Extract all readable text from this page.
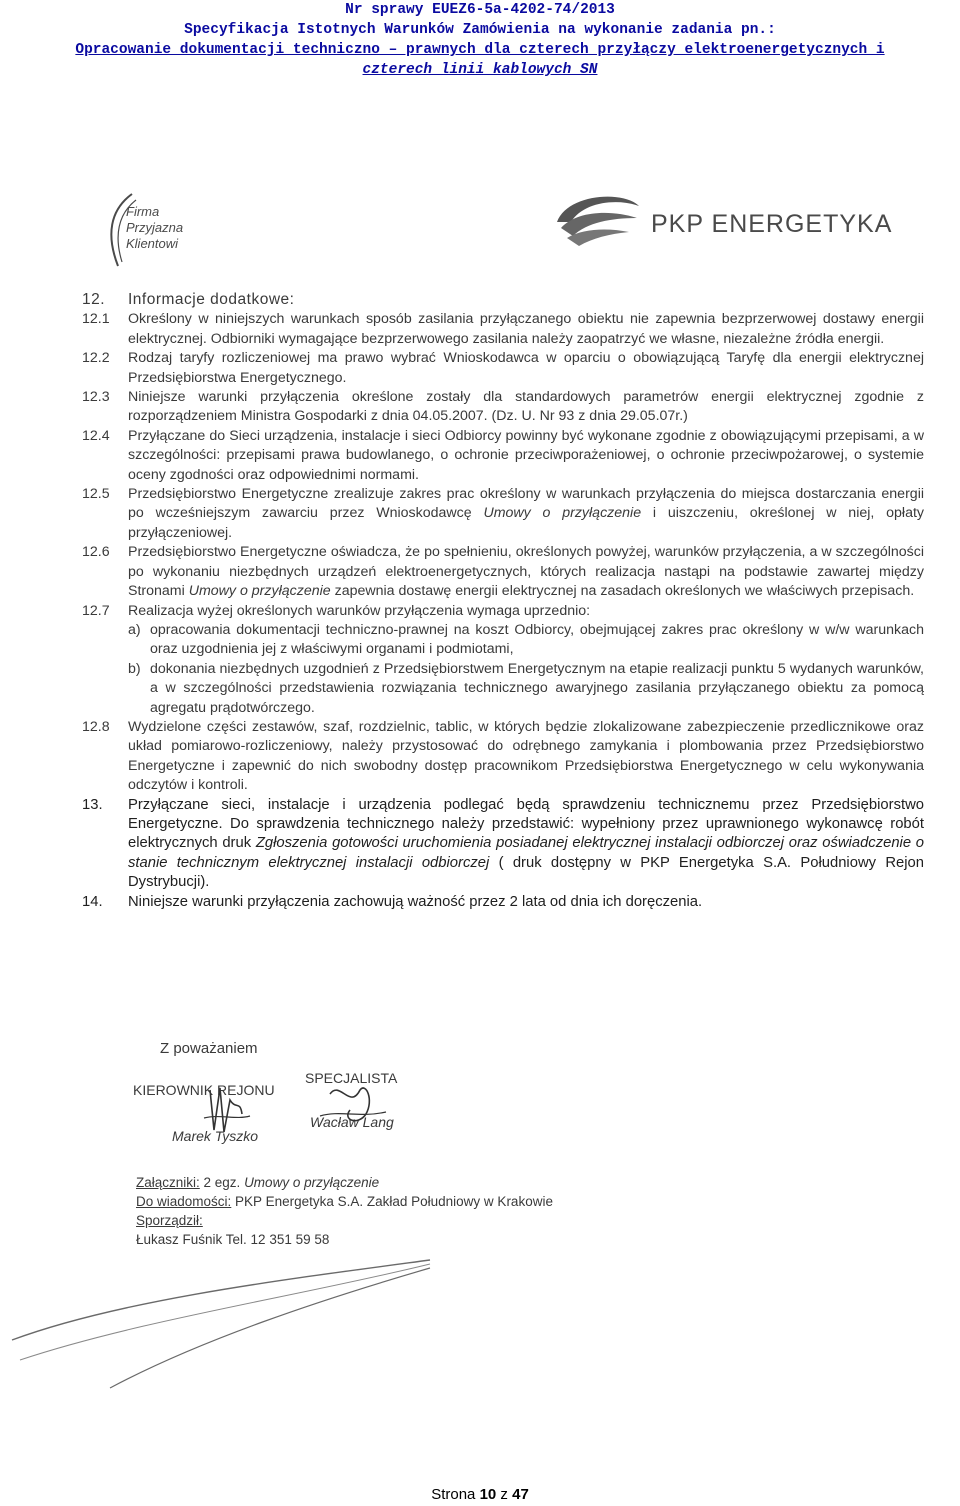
Nr sprawy EUEZ6-5a-4202-74/2013
Specyfikacja Istotnych Warunków Zamówienia na wykonanie zadania pn.:
Opracowanie dokumentacji techniczno – prawnych dla czterech przyłączy elektroenergetycznych i
czterech linii kablowych SN
Firma
Przyjazna
Klientowi
PKP ENERGETYKA
12.	Informacje dodatkowe:
12.1	Określony w niniejszych warunkach sposób zasilania przyłączanego obiektu nie zapewnia bezprzerwowej dostawy energii elektrycznej. Odbiorniki wymagające bezprzerwowego zasilania należy zaopatrzyć we własne, niezależne źródła energii.
12.2	Rodzaj taryfy rozliczeniowej ma prawo wybrać Wnioskodawca w oparciu o obowiązującą Taryfę dla energii elektrycznej Przedsiębiorstwa Energetycznego.
12.3	Niniejsze warunki przyłączenia określone zostały dla standardowych parametrów energii elektrycznej zgodnie z rozporządzeniem Ministra Gospodarki z dnia 04.05.2007. (Dz. U. Nr 93 z dnia 29.05.07r.)
12.4	Przyłączane do Sieci urządzenia, instalacje i sieci Odbiorcy powinny być wykonane zgodnie z obowiązującymi przepisami, a w szczególności: przepisami prawa budowlanego, o ochronie przeciwporażeniowej, o ochronie przeciwpożarowej, o systemie oceny zgodności oraz odpowiednimi normami.
12.5	Przedsiębiorstwo Energetyczne zrealizuje zakres prac określony w warunkach przyłączenia do miejsca dostarczania energii po wcześniejszym zawarciu przez Wnioskodawcę Umowy o przyłączenie i uiszczeniu, określonej w niej, opłaty przyłączeniowej.
12.6	Przedsiębiorstwo Energetyczne oświadcza, że po spełnieniu, określonych powyżej, warunków przyłączenia, a w szczególności po wykonaniu niezbędnych urządzeń elektroenergetycznych, których realizacja nastąpi na podstawie zawartej między Stronami Umowy o przyłączenie zapewnia dostawę energii elektrycznej na zasadach określonych we właściwych przepisach.
12.7	Realizacja wyżej określonych warunków przyłączenia wymaga uprzednio:
a) opracowania dokumentacji techniczno-prawnej na koszt Odbiorcy, obejmującej zakres prac określony w w/w warunkach oraz uzgodnienia jej z właściwymi organami i podmiotami,
b) dokonania niezbędnych uzgodnień z Przedsiębiorstwem Energetycznym na etapie realizacji punktu 5 wydanych warunków, a w szczególności przedstawienia rozwiązania technicznego awaryjnego zasilania przyłączanego obiektu za pomocą agregatu prądotwórczego.
12.8	Wydzielone części zestawów, szaf, rozdzielnic, tablic, w których będzie zlokalizowane zabezpieczenie przedlicznikowe oraz układ pomiarowo-rozliczeniowy, należy przystosować do odrębnego zamykania i plombowania przez Przedsiębiorstwo Energetyczne i zapewnić do nich swobodny dostęp pracownikom Przedsiębiorstwa Energetycznego w celu wykonywania odczytów i kontroli.
13.	Przyłączane sieci, instalacje i urządzenia podlegać będą sprawdzeniu technicznemu przez Przedsiębiorstwo Energetyczne. Do sprawdzenia technicznego należy przedstawić: wypełniony przez uprawnionego wykonawcę robót elektrycznych druk Zgłoszenia gotowości uruchomienia posiadanej elektrycznej instalacji odbiorczej oraz oświadczenie o stanie technicznym elektrycznej instalacji odbiorczej ( druk dostępny w PKP Energetyka S.A. Południowy Rejon Dystrybucji).
14.	Niniejsze warunki przyłączenia zachowują ważność przez 2 lata od dnia ich doręczenia.
Z poważaniem
KIEROWNIK REJONU
Marek Tyszko
SPECJALISTA
Wacław Lang
Załączniki: 2 egz. Umowy o przyłączenie
Do wiadomości: PKP Energetyka S.A. Zakład Południowy w Krakowie
Sporządził:
Łukasz Fuśnik Tel. 12 351 59 58
Strona 10 z 47
